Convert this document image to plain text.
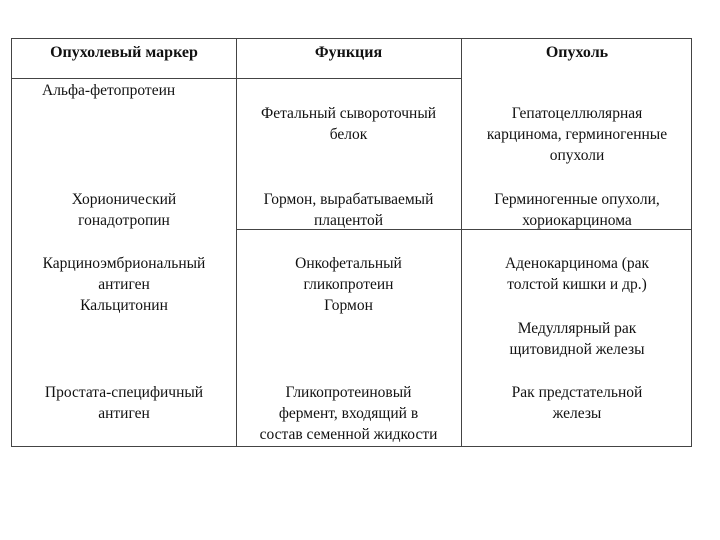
Опухолевый маркер	Функция	Опухоль
Альфа-фетопротеин
Фетальный сывороточный
белок
Гепатоцеллюлярная
карцинома, герминогенные
опухоли
Хорионический
гонадотропин
Гормон, вырабатываемый
плацентой
Герминогенные опухоли,
хориокарцинома
Карциноэмбриональный
антиген
Кальцитонин
Онкофетальный
гликопротеин
Гормон
Аденокарцинома (рак
толстой кишки и др.)
Медуллярный рак
щитовидной железы
Простата-специфичный
антиген
Гликопротеиновый
фермент, входящий в
состав семенной жидкости
Рак предстательной
железы
